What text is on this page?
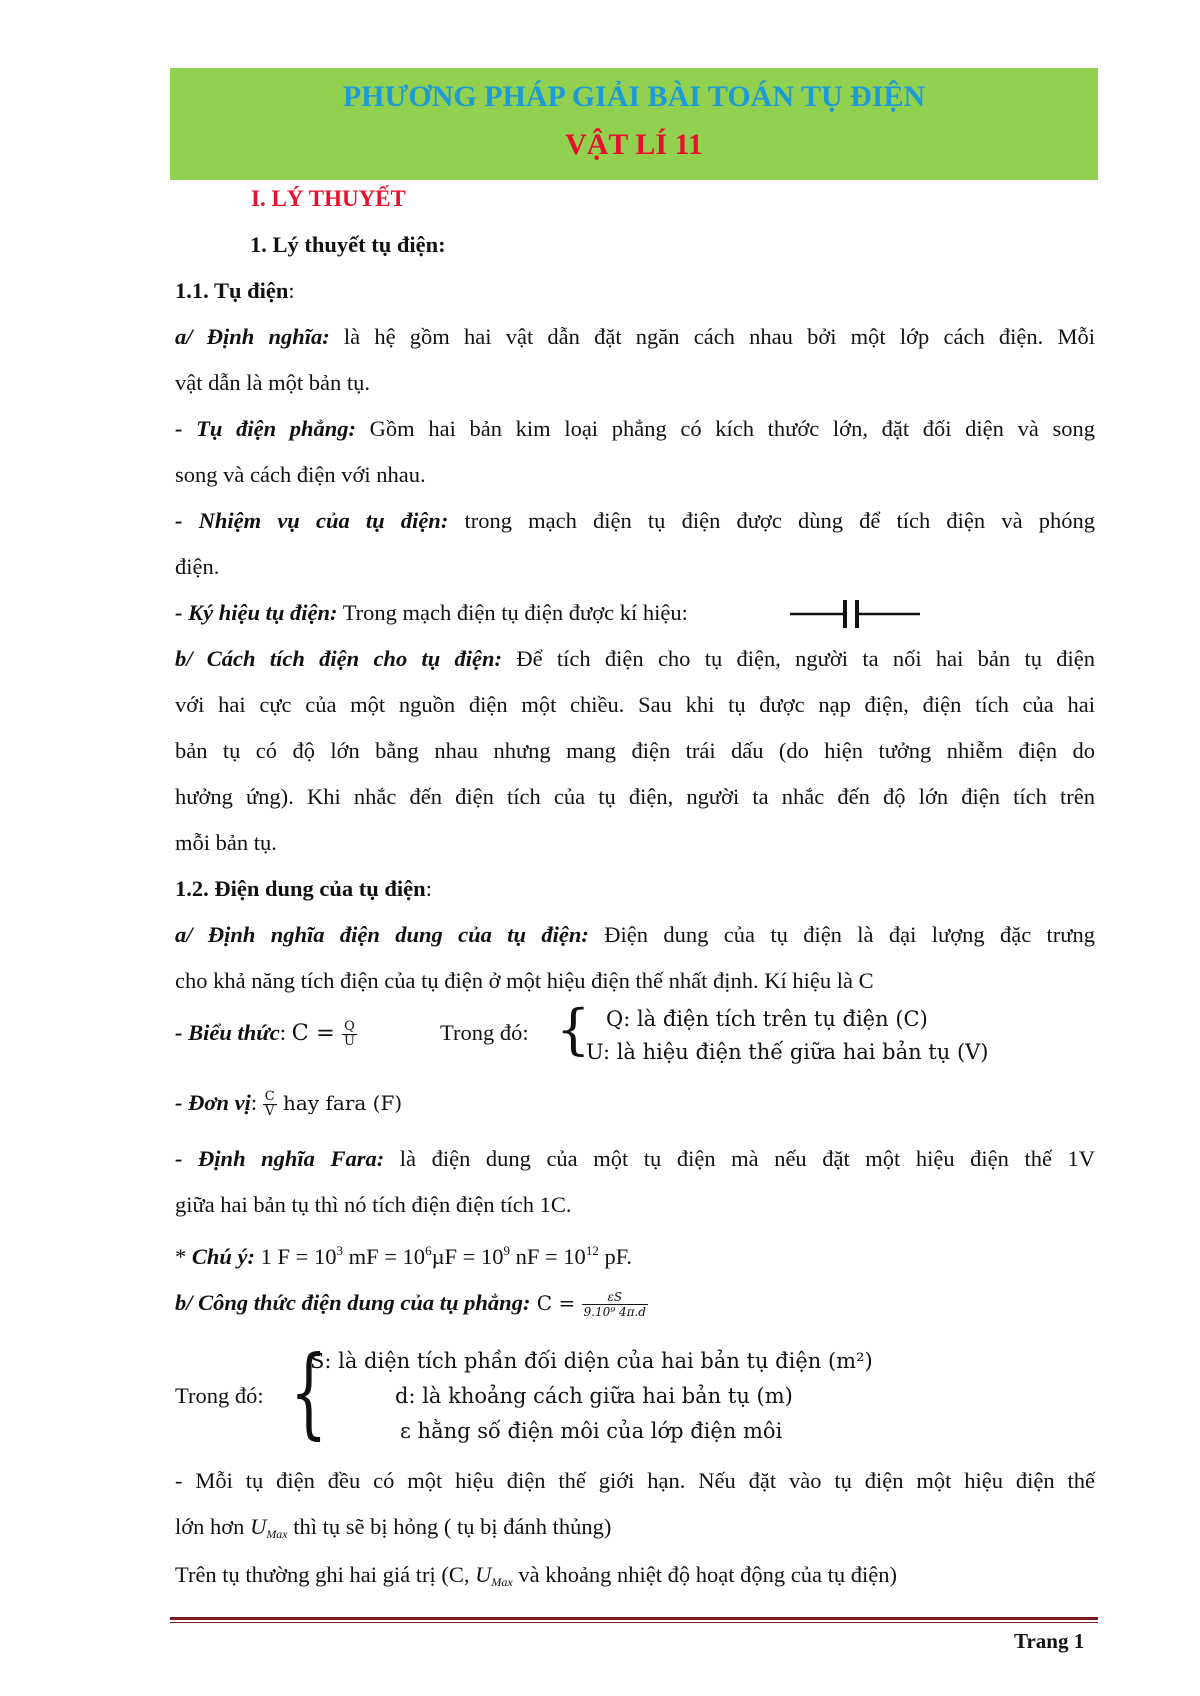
PHƯƠNG PHÁP GIẢI BÀI TOÁN TỤ ĐIỆN
VẬT LÍ 11
I. LÝ THUYẾT
1. Lý thuyết tụ điện:
1.1. Tụ điện:
a/ Định nghĩa: là hệ gồm hai vật dẫn đặt ngăn cách nhau bởi một lớp cách điện. Mỗi
vật dẫn là một bản tụ.
- Tụ điện phẳng: Gồm hai bản kim loại phẳng có kích thước lớn, đặt đối diện và song
song và cách điện với nhau.
- Nhiệm vụ của tụ điện: trong mạch điện tụ điện được dùng để tích điện và phóng
điện.
- Ký hiệu tụ điện: Trong mạch điện tụ điện được kí hiệu:
b/ Cách tích điện cho tụ điện: Để tích điện cho tụ điện, người ta nối hai bản tụ điện
với hai cực của một nguồn điện một chiều. Sau khi tụ được nạp điện, điện tích của hai
bản tụ có độ lớn bằng nhau nhưng mang điện trái dấu (do hiện tưởng nhiễm điện do
hưởng ứng). Khi nhắc đến điện tích của tụ điện, người ta nhắc đến độ lớn điện tích trên
mỗi bản tụ.
1.2. Điện dung của tụ điện:
a/ Định nghĩa điện dung của tụ điện: Điện dung của tụ điện là đại lượng đặc trưng
cho khả năng tích điện của tụ điện ở một hiệu điện thế nhất định. Kí hiệu là C
- Biểu thức: $C = \frac{Q}{U}$	Trong đó: { Q: là điện tích trên tụ điện (C)
U: là hiệu điện thế giữa hai bản tụ (V)
- Đơn vị: $\frac{C}{V}$ hay fara (F)
- Định nghĩa Fara: là điện dung của một tụ điện mà nếu đặt một hiệu điện thế 1V
giữa hai bản tụ thì nó tích điện điện tích 1C.
* Chú ý: 1 $F = 10^3$ mF = $10^6\mu F = 10^9$ nF = $10^{12}$ pF.
b/ Công thức điện dung của tụ phẳng: $C = \frac{\varepsilon S}{\text{9.10⁹ 4π.d}}$
Trong đó: {
S: là diện tích phần đối diện của hai bản tụ điện (m²)
d: là khoảng cách giữa hai bản tụ (m)
ε hằng số điện môi của lớp điện môi
- Mỗi tụ điện đều có một hiệu điện thế giới hạn. Nếu đặt vào tụ điện một hiệu điện thế
lớn hơn $U_{Max}$ thì tụ sẽ bị hỏng ( tụ bị đánh thủng)
Trên tụ thường ghi hai giá trị (C, $U_{Max}$ và khoảng nhiệt độ hoạt động của tụ điện)
Trang 1
